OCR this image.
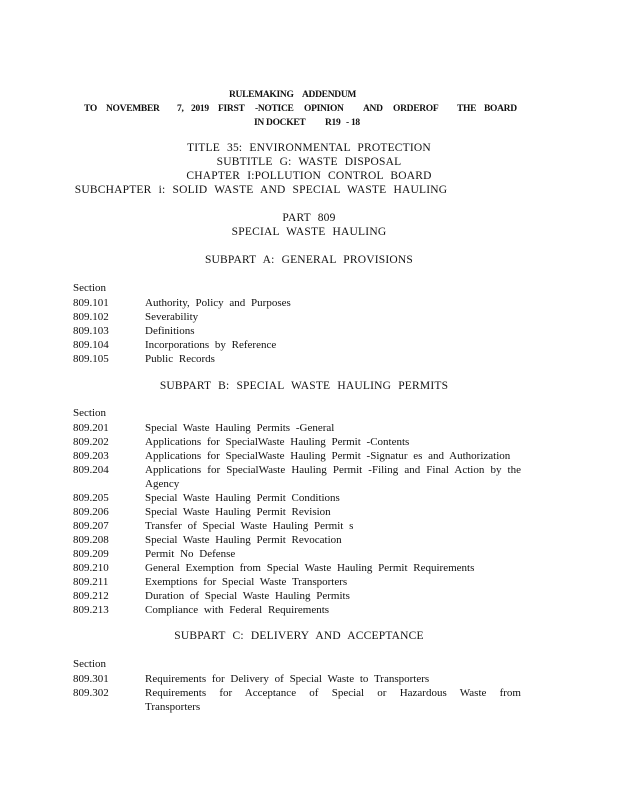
RULEMAKING ADDENDUM
TO NOVEMBER 7, 2019 FIRST -NOTICE OPINION AND ORDEROF THE BOARD
IN DOCKET R19 - 18
TITLE 35: ENVIRONMENTAL PROTECTION
SUBTITLE G: WASTE DISPOSAL
CHAPTER I:POLLUTION CONTROL BOARD
SUBCHAPTER i: SOLID WASTE AND SPECIAL WASTE HAULING
PART 809
SPECIAL WASTE HAULING
SUBPART A: GENERAL PROVISIONS
Section
809.101	Authority, Policy and Purposes
809.102	Severability
809.103	Definitions
809.104	Incorporations by Reference
809.105	Public Records
SUBPART B: SPECIAL WASTE HAULING PERMITS
Section
809.201	Special Waste Hauling Permits -General
809.202	Applications for SpecialWaste Hauling Permit -Contents
809.203	Applications for SpecialWaste Hauling Permit -Signatur es and Authorization
809.204	Applications for SpecialWaste Hauling Permit -Filing and Final Action by the
Agency
809.205	Special Waste Hauling Permit Conditions
809.206	Special Waste Hauling Permit Revision
809.207	Transfer of Special Waste Hauling Permit s
809.208	Special Waste Hauling Permit Revocation
809.209	Permit No Defense
809.210	General Exemption from Special Waste Hauling Permit Requirements
809.211	Exemptions for Special Waste Transporters
809.212	Duration of Special Waste Hauling Permits
809.213	Compliance with Federal Requirements
SUBPART C: DELIVERY AND ACCEPTANCE
Section
809.301	Requirements for Delivery of Special Waste to Transporters
809.302	Requirements for Acceptance of Special or Hazardous Waste from Transporters
